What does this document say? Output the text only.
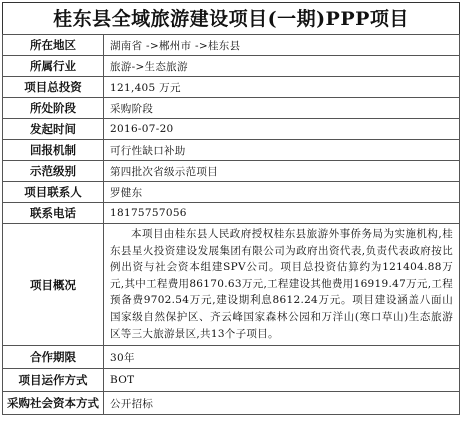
桂东县全域旅游建设项目(一期)PPP项目
所在地区	湖南省 ->郴州市 ->桂东县
所属行业	旅游->生态旅游
项目总投资	121,405 万元
所处阶段	采购阶段
发起时间	2016-07-20
回报机制	可行性缺口补助
示范级别	第四批次省级示范项目
项目联系人	罗健东
联系电话	18175757056
项目概况	本项目由桂东县人民政府授权桂东县旅游外事侨务局为实施机构,桂东县星火投资建设发展集团有限公司为政府出资代表,负责代表政府按比例出资与社会资本组建SPV公司。项目总投资估算约为121404.88万元,其中工程费用86170.63万元,工程建设其他费用16919.47万元,工程预备费9702.54万元,建设期利息8612.24万元。项目建设涵盖八面山国家级自然保护区、齐云峰国家森林公园和万洋山(寒口草山)生态旅游区等三大旅游景区,共13个子项目。
合作期限	30年
项目运作方式	BOT
采购社会资本方式	公开招标
